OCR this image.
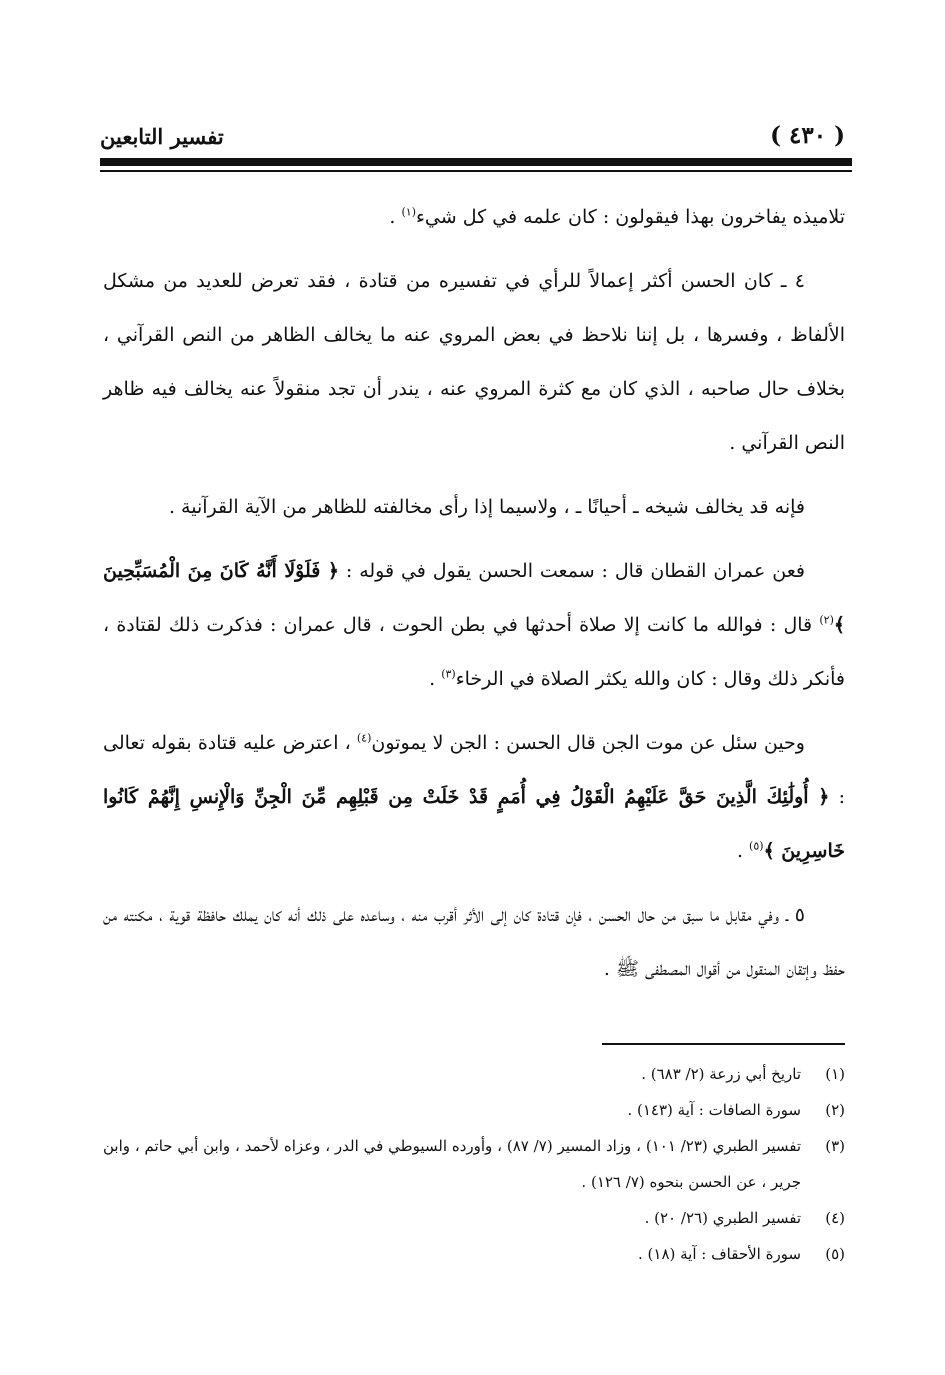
تفسير التابعين	( ٤٣٠ )

تلاميذه يفاخرون بهذا فيقولون : كان علمه في كل شيء$^{(١)}$ .

٤ ـ كان الحسن أكثر إعمالاً للرأي في تفسيره من قتادة ، فقد تعرض للعديد من مشكل الألفاظ ، وفسرها ، بل إننا نلاحظ في بعض المروي عنه ما يخالف الظاهر من النص القرآني ، بخلاف حال صاحبه ، الذي كان مع كثرة المروي عنه ، يندر أن تجد منقولاً عنه يخالف فيه ظاهر النص القرآني .

فإنه قد يخالف شيخه ـ أحيانًا ـ ، ولاسيما إذا رأى مخالفته للظاهر من الآية القرآنية .

فعن عمران القطان قال : سمعت الحسن يقول في قوله : ﴿ فَلَوْلَا أَنَّهُ كَانَ مِنَ الْمُسَبِّحِينَ ﴾$^{(٢)}$ قال : فوالله ما كانت إلا صلاة أحدثها في بطن الحوت ، قال عمران : فذكرت ذلك لقتادة ، فأنكر ذلك وقال : كان والله يكثر الصلاة في الرخاء$^{(٣)}$ .

وحين سئل عن موت الجن قال الحسن : الجن لا يموتون$^{(٤)}$ ، اعترض عليه قتادة بقوله تعالى : ﴿ أُولَٰئِكَ الَّذِينَ حَقَّ عَلَيْهِمُ الْقَوْلُ فِي أُمَمٍ قَدْ خَلَتْ مِن قَبْلِهِم مِّنَ الْجِنِّ وَالْإِنسِ إِنَّهُمْ كَانُوا خَاسِرِينَ ﴾$^{(٥)}$ .

٥ ـ وفي مقابل ما سبق من حال الحسن ، فإن قتادة كان إلى الأثر أقرب منه ، وساعده على ذلك أنه كان يملك حافظة قوية ، مكنته من حفظ وإتقان المنقول من أقوال المصطفى ﷺ .

(١)
تاريخ أبي زرعة (٢/ ٦٨٣) .

(٢)
سورة الصافات : آية (١٤٣) .

(٣)
تفسير الطبري (٢٣/ ١٠١) ، وزاد المسير (٧/ ٨٧) ، وأورده السيوطي في الدر ، وعزاه لأحمد ، وابن أبي حاتم ، وابن جرير ، عن الحسن بنحوه (٧/ ١٢٦) .

(٤)
تفسير الطبري (٢٦/ ٢٠) .

(٥)
سورة الأحقاف : آية (١٨) .
